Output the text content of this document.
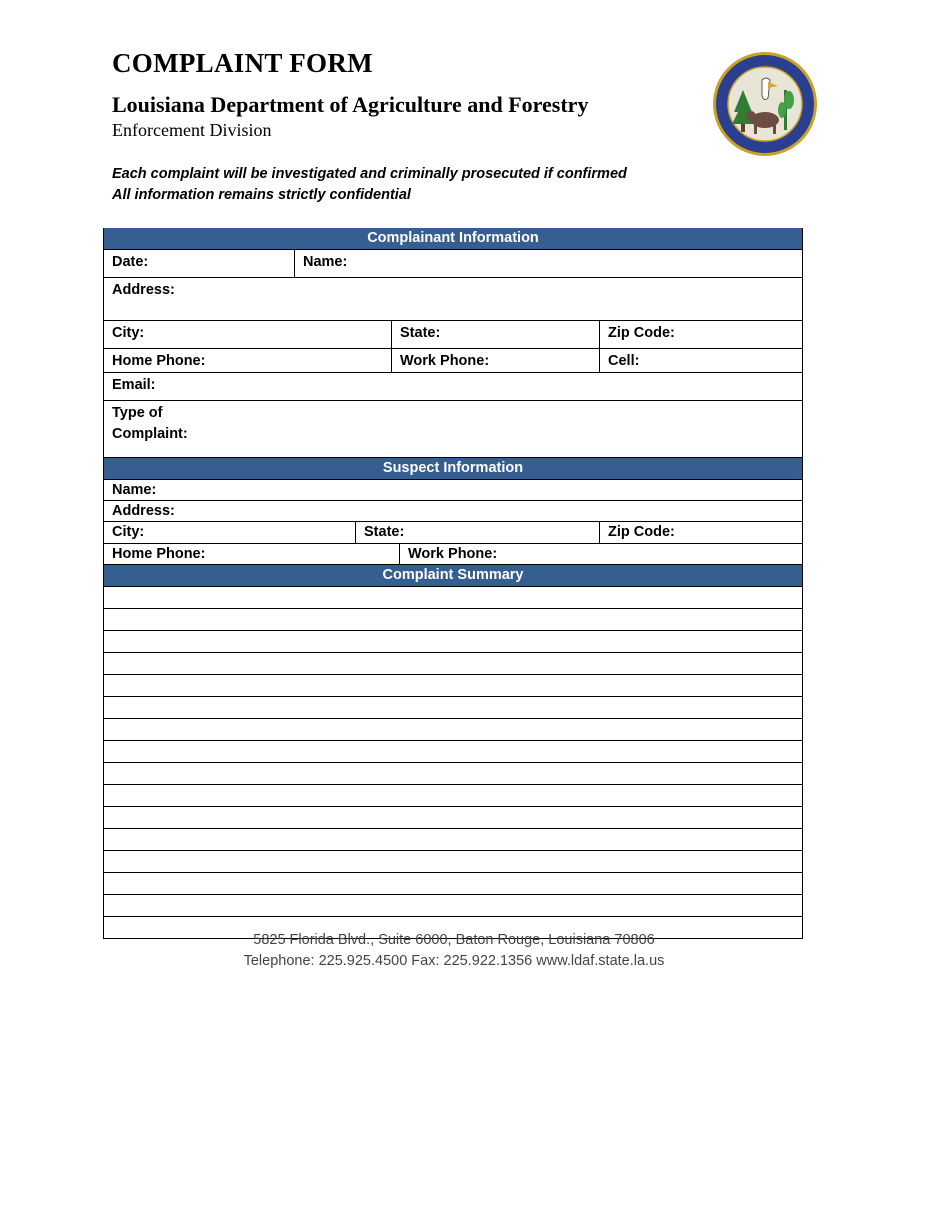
COMPLAINT FORM
Louisiana Department of Agriculture and Forestry
Enforcement Division
Each complaint will be investigated and criminally prosecuted if confirmed
All information remains strictly confidential
Complainant Information
Date:	Name:
Address:
City:	State:	Zip Code:
Home Phone:	Work Phone:	Cell:
Email:
Type of
Complaint:
Suspect Information
Name:
Address:
City:	State:	Zip Code:
Home Phone:	Work Phone:
Complaint Summary
5825 Florida Blvd., Suite 6000, Baton Rouge, Louisiana 70806
Telephone: 225.925.4500 Fax: 225.922.1356 www.ldaf.state.la.us
